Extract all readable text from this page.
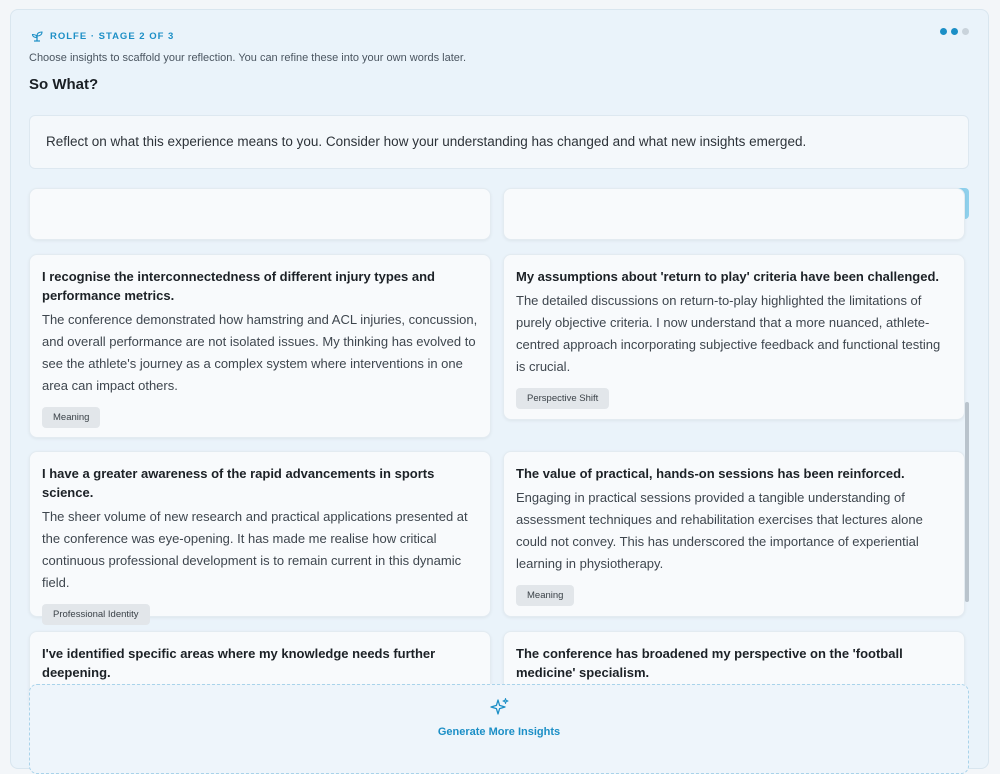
ROLFE · STAGE 2 OF 3
Choose insights to scaffold your reflection. You can refine these into your own words later.
So What?
Reflect on what this experience means to you. Consider how your understanding has changed and what new insights emerged.
I recognise the interconnectedness of different injury types and performance metrics.
The conference demonstrated how hamstring and ACL injuries, concussion, and overall performance are not isolated issues. My thinking has evolved to see the athlete's journey as a complex system where interventions in one area can impact others.
Meaning
My assumptions about 'return to play' criteria have been challenged.
The detailed discussions on return-to-play highlighted the limitations of purely objective criteria. I now understand that a more nuanced, athlete-centred approach incorporating subjective feedback and functional testing is crucial.
Perspective Shift
I have a greater awareness of the rapid advancements in sports science.
The sheer volume of new research and practical applications presented at the conference was eye-opening. It has made me realise how critical continuous professional development is to remain current in this dynamic field.
Professional Identity
The value of practical, hands-on sessions has been reinforced.
Engaging in practical sessions provided a tangible understanding of assessment techniques and rehabilitation exercises that lectures alone could not convey. This has underscored the importance of experiential learning in physiotherapy.
Meaning
I've identified specific areas where my knowledge needs further deepening.
The conference has broadened my perspective on the 'football medicine' specialism.
Generate More Insights
